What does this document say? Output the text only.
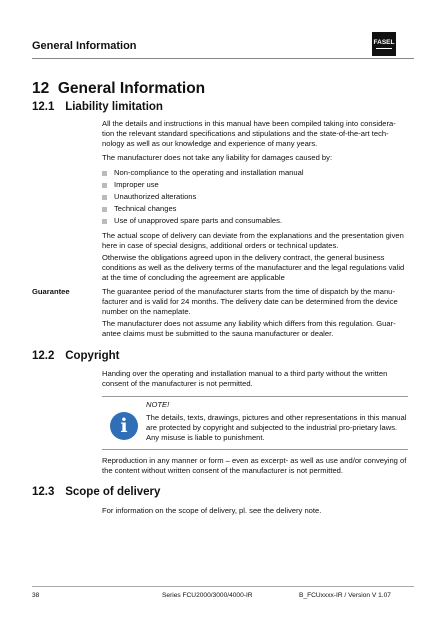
General Information	FASEL
12 General Information
12.1 Liability limitation

All the details and instructions in this manual have been compiled taking into considera-tion the relevant standard specifications and stipulations and the state-of-the-art tech-nology as well as our knowledge and experience of many years.

The manufacturer does not take any liability for damages caused by:

Non-compliance to the operating and installation manual
Improper use
Unauthorized alterations
Technical changes
Use of unapproved spare parts and consumables.

The actual scope of delivery can deviate from the explanations and the presentation given here in case of special designs, additional orders or technical updates.

Otherwise the obligations agreed upon in the delivery contract, the general business conditions as well as the delivery terms of the manufacturer and the legal regulations valid at the time of concluding the agreement are applicable

Guarantee	The guarantee period of the manufacturer starts from the time of dispatch by the manu-facturer and is valid for 24 months. The delivery date can be determined from the device number on the nameplate.

The manufacturer does not assume any liability which differs from this regulation. Guar-antee claims must be submitted to the sauna manufacturer or dealer.

12.2 Copyright

Handing over the operating and installation manual to a third party without the written consent of the manufacturer is not permitted.

i
NOTE!

The details, texts, drawings, pictures and other representations in this manual are protected by copyright and subjected to the industrial pro-prietary laws. Any misuse is liable to punishment.

Reproduction in any manner or form – even as excerpt- as well as use and/or conveying of the content without written consent of the manufacturer is not permitted.

12.3 Scope of delivery

For information on the scope of delivery, pl. see the delivery note.

38	Series FCU2000/3000/4000-IR	B_FCUxxxx-IR / Version V 1.07
